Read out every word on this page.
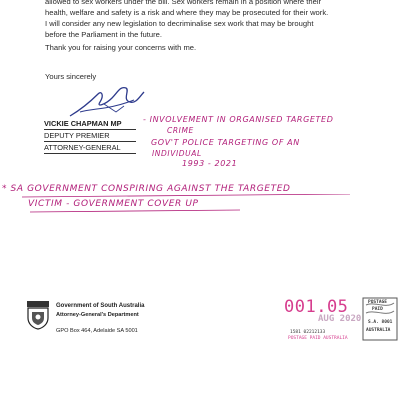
allowed to sex workers under the bill. Sex workers remain in a position where their
health, welfare and safety is a risk and where they may be prosecuted for their work.
I will consider any new legislation to decriminalise sex work that may be brought
before the Parliament in the future.
Thank you for raising your concerns with me.
Yours sincerely
VICKIE CHAPMAN MP
DEPUTY PREMIER
ATTORNEY-GENERAL
- INVOLVEMENT IN ORGANISED TARGETED
CRIME
GOV'T POLICE TARGETING OF AN
INDIVIDUAL
1993 - 2021
* SA GOVERNMENT CONSPIRING AGAINST THE TARGETED
VICTIM - GOVERNMENT COVER UP
Government of South Australia
Attorney-General's Department
GPO Box 464, Adelaide SA 5001
001.05
AUG 2020
1581 02212133
POSTAGE PAID AUSTRALIA
POSTAGE
PAID
S.A. 8001
AUSTRALIA
